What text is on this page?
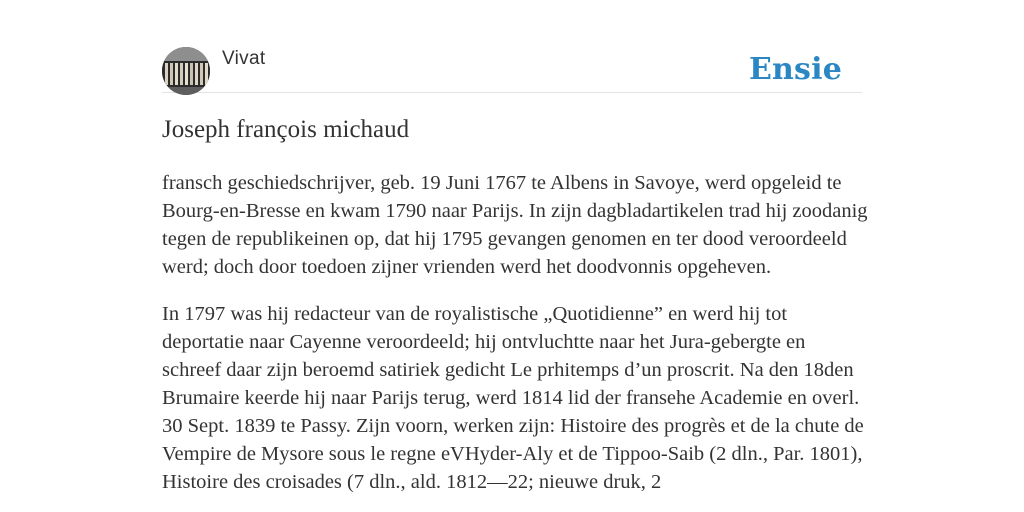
Vivat	Ensie
Joseph françois michaud

fransch geschiedschrijver, geb. 19 Juni 1767 te Albens in Savoye, werd opgeleid te Bourg-en-Bresse en kwam 1790 naar Parijs. In zijn dagbladartikelen trad hij zoodanig tegen de republikeinen op, dat hij 1795 gevangen genomen en ter dood veroordeeld werd; doch door toedoen zijner vrienden werd het doodvonnis opgeheven.

In 1797 was hij redacteur van de royalistische „Quotidienne” en werd hij tot deportatie naar Cayenne veroordeeld; hij ontvluchtte naar het Jura-gebergte en schreef daar zijn beroemd satiriek gedicht Le prhitemps d’un proscrit. Na den 18den Brumaire keerde hij naar Parijs terug, werd 1814 lid der fransehe Academie en overl. 30 Sept. 1839 te Passy. Zijn voorn, werken zijn: Histoire des progrès et de la chute de Vempire de Mysore sous le regne eVHyder-Aly et de Tippoo-Saib (2 dln., Par. 1801), Histoire des croisades (7 dln., ald. 1812—22; nieuwe druk, 2
